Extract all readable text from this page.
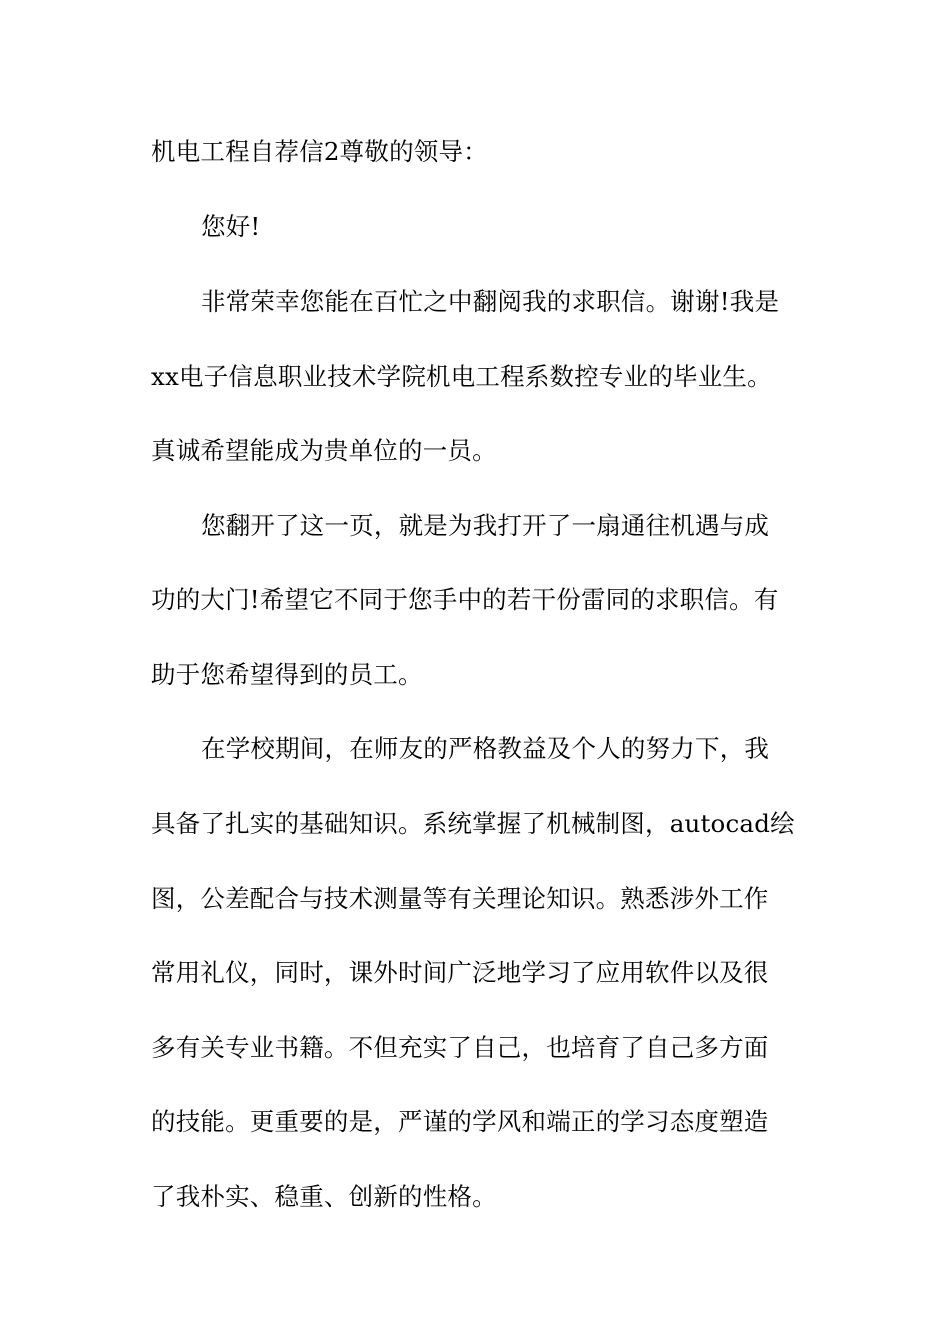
机电工程自荐信2尊敬的领导：
您好!
非常荣幸您能在百忙之中翻阅我的求职信。谢谢!我是
xx电子信息职业技术学院机电工程系数控专业的毕业生。
真诚希望能成为贵单位的一员。
您翻开了这一页，就是为我打开了一扇通往机遇与成
功的大门!希望它不同于您手中的若干份雷同的求职信。有
助于您希望得到的员工。
在学校期间，在师友的严格教益及个人的努力下，我
具备了扎实的基础知识。系统掌握了机械制图，autocad绘
图，公差配合与技术测量等有关理论知识。熟悉涉外工作
常用礼仪，同时，课外时间广泛地学习了应用软件以及很
多有关专业书籍。不但充实了自己，也培育了自己多方面
的技能。更重要的是，严谨的学风和端正的学习态度塑造
了我朴实、稳重、创新的性格。
